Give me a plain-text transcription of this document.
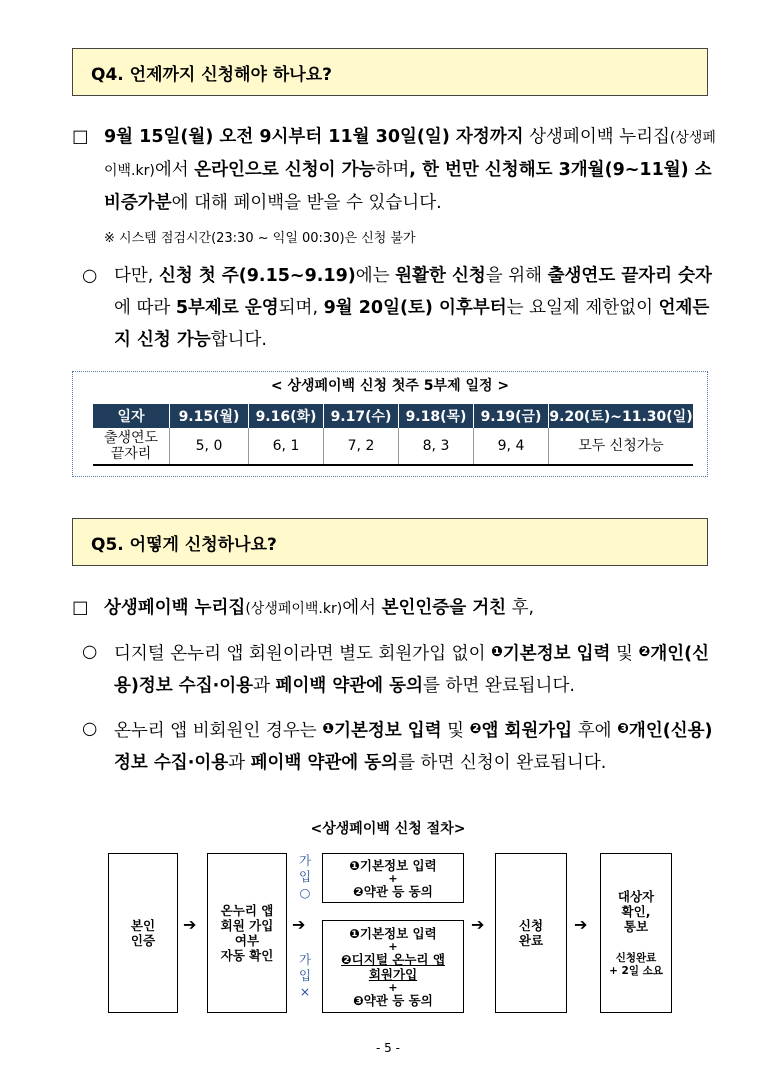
Q4. 언제까지 신청해야 하나요?
□ 9월 15일(월) 오전 9시부터 11월 30일(일) 자정까지 상생페이백 누리집(상생페이백.kr)에서 온라인으로 신청이 가능하며, 한 번만 신청해도 3개월(9~11월) 소비증가분에 대해 페이백을 받을 수 있습니다.
※ 시스템 점검시간(23:30 ~ 익일 00:30)은 신청 불가
○ 다만, 신청 첫 주(9.15~9.19)에는 원활한 신청을 위해 출생연도 끝자리 숫자에 따라 5부제로 운영되며, 9월 20일(토) 이후부터는 요일제 제한없이 언제든지 신청 가능합니다.
< 상생페이백 신청 첫주 5부제 일정 >
일자	9.15(월)	9.16(화)	9.17(수)	9.18(목)	9.19(금)	9.20(토)~11.30(일)

출생연도
끝자리	5, 0	6, 1	7, 2	8, 3	9, 4	모두 신청가능
Q5. 어떻게 신청하나요?
□ 상생페이백 누리집(상생페이백.kr)에서 본인인증을 거친 후,
○ 디지털 온누리 앱 회원이라면 별도 회원가입 없이 ❶기본정보 입력 및 ❷개인(신용)정보 수집·이용과 페이백 약관에 동의를 하면 완료됩니다.
○ 온누리 앱 비회원인 경우는 ❶기본정보 입력 및 ❷앱 회원가입 후에 ❸개인(신용)정보 수집·이용과 페이백 약관에 동의를 하면 신청이 완료됩니다.
<상생페이백 신청 절차>
본인
인증
➔
온누리 앱
회원 가입
여부
자동 확인
➔
가
입
○
가
입
×
❶기본정보 입력
+
❷약관 등 동의
❶기본정보 입력
+
❷디지털 온누리 앱
회원가입
+
❸약관 등 동의
➔	신청
완료
➔
대상자
확인,
통보
신청완료
+ 2일 소요
- 5 -
